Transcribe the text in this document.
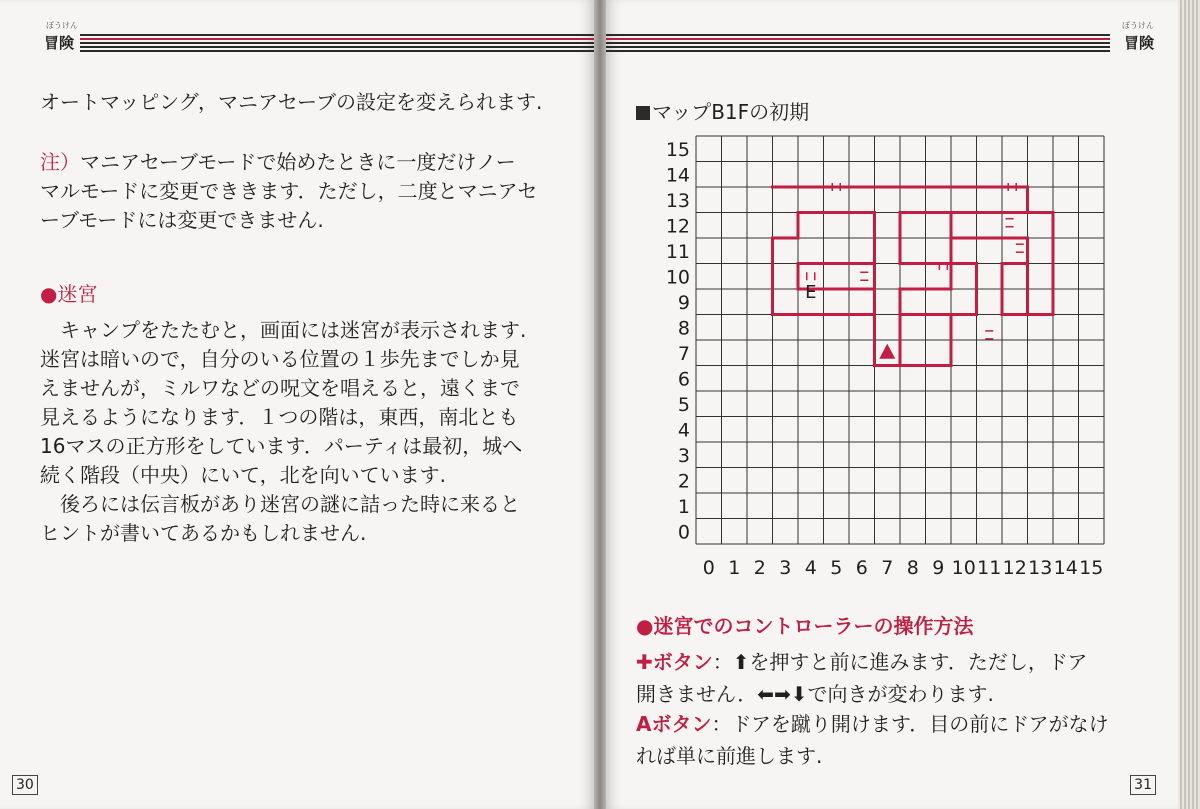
ぼうけん
冒険
オートマッピング，マニアセーブの設定を変えられます.
注）マニアセーブモードで始めたときに一度だけノー
マルモードに変更でききます．ただし，二度とマニアセ
ーブモードには変更できません.
●迷宮
　キャンプをたたむと，画面には迷宮が表示されます.
迷宮は暗いので，自分のいる位置の１歩先までしか見
えませんが，ミルワなどの呪文を唱えると，遠くまで
見えるようになります．１つの階は，東西，南北とも
16マスの正方形をしています．パーティは最初，城へ
続く階段（中央）にいて，北を向いています.
　後ろには伝言板があり迷宮の謎に詰った時に来ると
ヒントが書いてあるかもしれません.
30
ぼうけん
冒険
マップB1Fの初期
15
14
13
12
11
10
9
8
7
6
5
4
3
2
1
0
0 1 2 3 4 5 6 7 8 9 10 11 12 13 14 15
E
●迷宮でのコントローラーの操作方法
✚ボタン：⬆を押すと前に進みます．ただし，ドア
開きません．⬅➡⬇で向きが変わります.
Aボタン：ドアを蹴り開けます．目の前にドアがなけ
れば単に前進します.
31
